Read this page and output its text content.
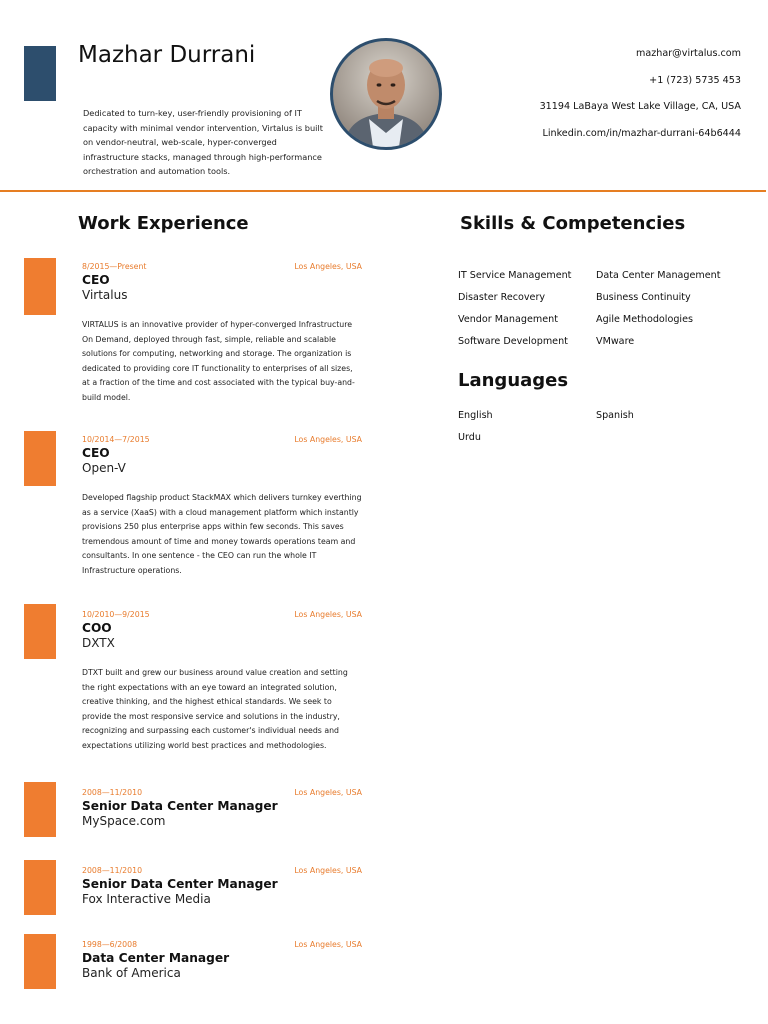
Mazhar Durrani

Dedicated to turn-key, user-friendly provisioning of IT capacity with minimal vendor intervention, Virtalus is built on vendor-neutral, web-scale, hyper-converged infrastructure stacks, managed through high-performance orchestration and automation tools.

mazhar@virtalus.com
+1 (723) 5735 453
31194 LaBaya West Lake Village, CA, USA
Linkedin.com/in/mazhar-durrani-64b6444
Work Experience
8/2015—Present	Los Angeles, USA

CEO

Virtalus

VIRTALUS is an innovative provider of hyper-converged Infrastructure On Demand, deployed through fast, simple, reliable and scalable solutions for computing, networking and storage. The organization is dedicated to providing core IT functionality to enterprises of all sizes, at a fraction of the time and cost associated with the typical buy-and-build model.

10/2014—7/2015	Los Angeles, USA

CEO

Open-V

Developed flagship product StackMAX which delivers turnkey everthing as a service (XaaS) with a cloud management platform which instantly provisions 250 plus enterprise apps within few seconds. This saves tremendous amount of time and money towards operations team and consultants. In one sentence - the CEO can run the whole IT Infrastructure operations.

10/2010—9/2015	Los Angeles, USA

COO

DXTX

DTXT built and grew our business around value creation and setting the right expectations with an eye toward an integrated solution, creative thinking, and the highest ethical standards. We seek to provide the most responsive service and solutions in the industry, recognizing and surpassing each customer's individual needs and expectations utilizing world best practices and methodologies.

2008—11/2010	Los Angeles, USA

Senior Data Center Manager

MySpace.com

2008—11/2010	Los Angeles, USA

Senior Data Center Manager

Fox Interactive Media

1998—6/2008	Los Angeles, USA

Data Center Manager

Bank of America

Skills & Competencies
IT Service Management	Data Center Management
Disaster Recovery	Business Continuity
Vendor Management	Agile Methodologies
Software Development	VMware
Languages
English	Spanish
Urdu
